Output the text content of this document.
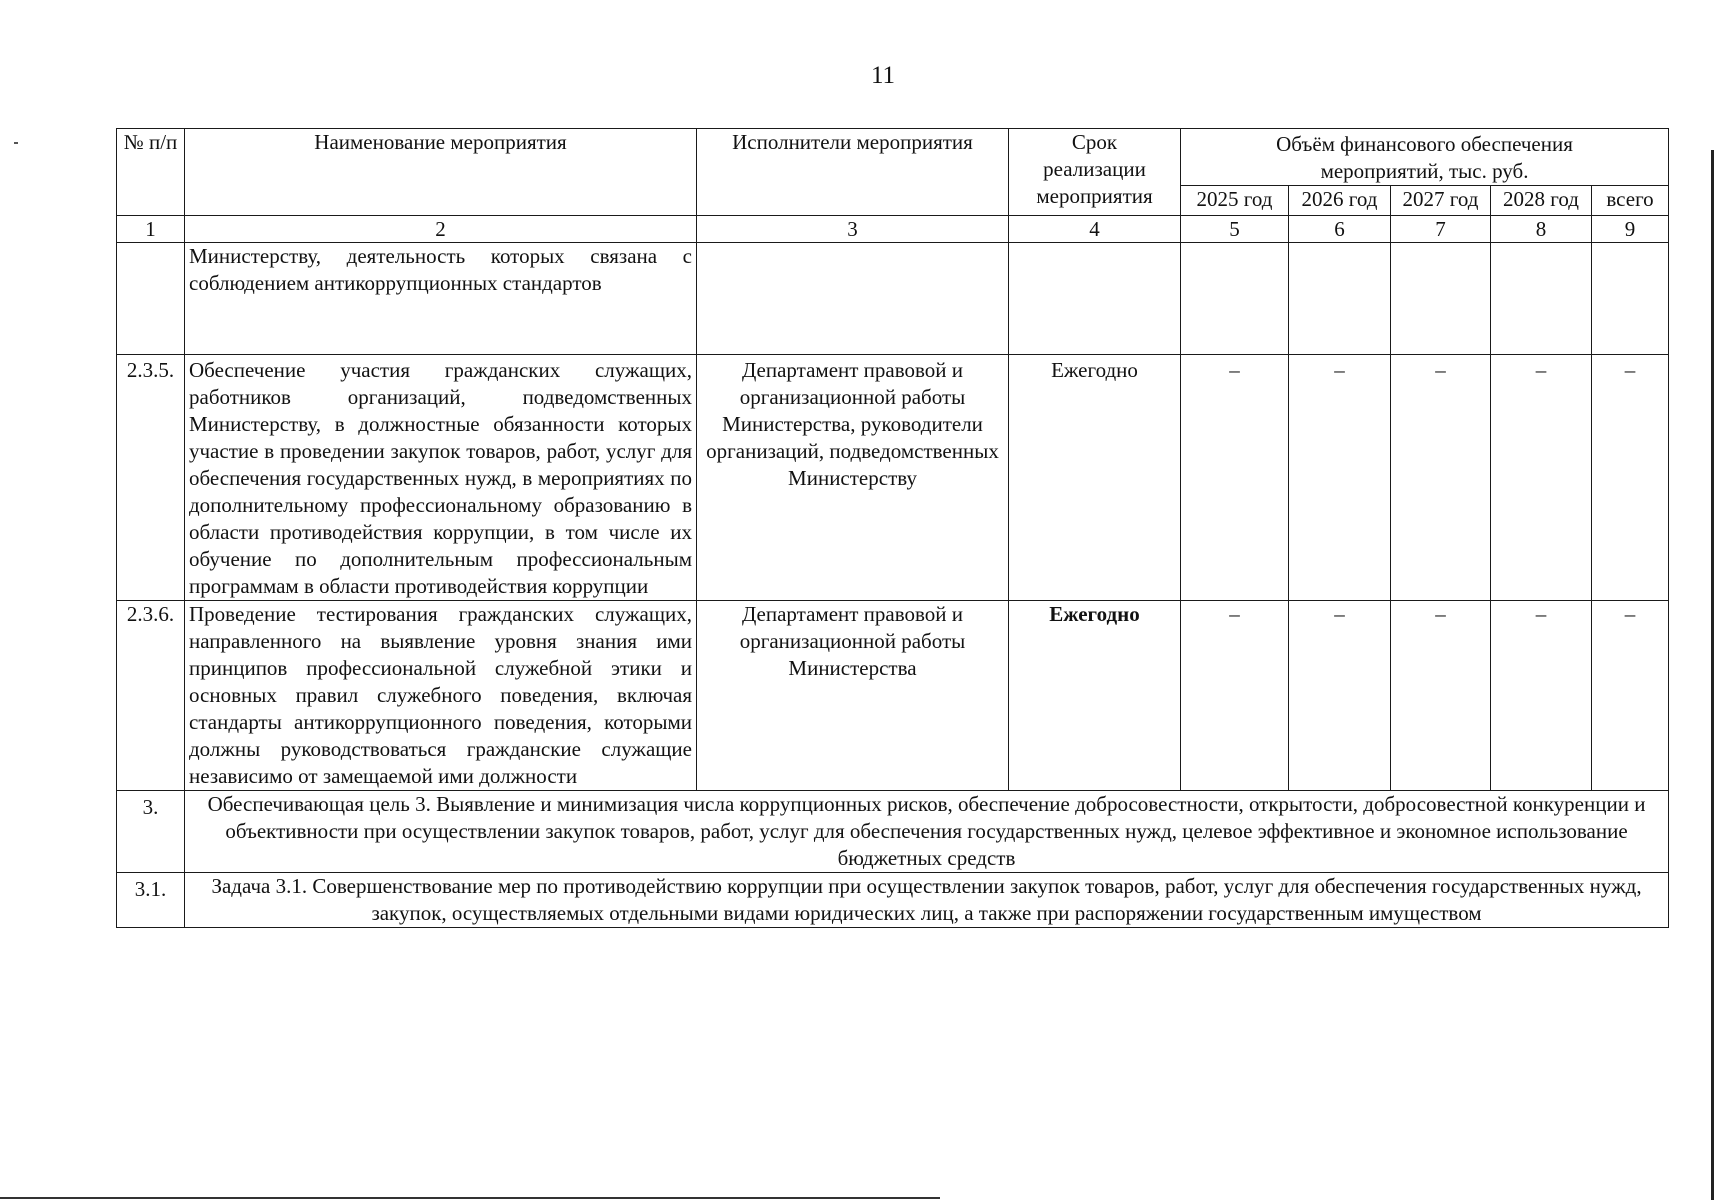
11
№ п/п	Наименование мероприятия	Исполнители мероприятия	Срок реализации мероприятия	Объём финансового обеспечения мероприятий, тыс. руб.				

				2025 год	2026 год	2027 год	2028 год	всего
1	2	3	4	5	6	7	8	9
	Министерству, деятельность которых связана с соблюдением антикоррупционных стандартов							
2.3.5.	Обеспечение участия гражданских служащих, работников организаций, подведомственных Министерству, в должностные обязанности которых участие в проведении закупок товаров, работ, услуг для обеспечения государственных нужд, в мероприятиях по дополнительному профессиональному образованию в области противодействия коррупции, в том числе их обучение по дополнительным профессиональным программам в области противодействия коррупции	Департамент правовой и организационной работы Министерства, руководители организаций, подведомственных Министерству	Ежегодно	–	–	–	–	–
2.3.6.	Проведение тестирования гражданских служащих, направленного на выявление уровня знания ими принципов профессиональной служебной этики и основных правил служебного поведения, включая стандарты антикоррупционного поведения, которыми должны руководствоваться гражданские служащие независимо от замещаемой ими должности	Департамент правовой и организационной работы Министерства	Ежегодно	–	–	–	–	–
3.	Обеспечивающая цель 3. Выявление и минимизация числа коррупционных рисков, обеспечение добросовестности, открытости, добросовестной конкуренции и объективности при осуществлении закупок товаров, работ, услуг для обеспечения государственных нужд, целевое эффективное и экономное использование бюджетных средств							
3.1.	Задача 3.1. Совершенствование мер по противодействию коррупции при осуществлении закупок товаров, работ, услуг для обеспечения государственных нужд, закупок, осуществляемых отдельными видами юридических лиц, а также при распоряжении государственным имуществом							
